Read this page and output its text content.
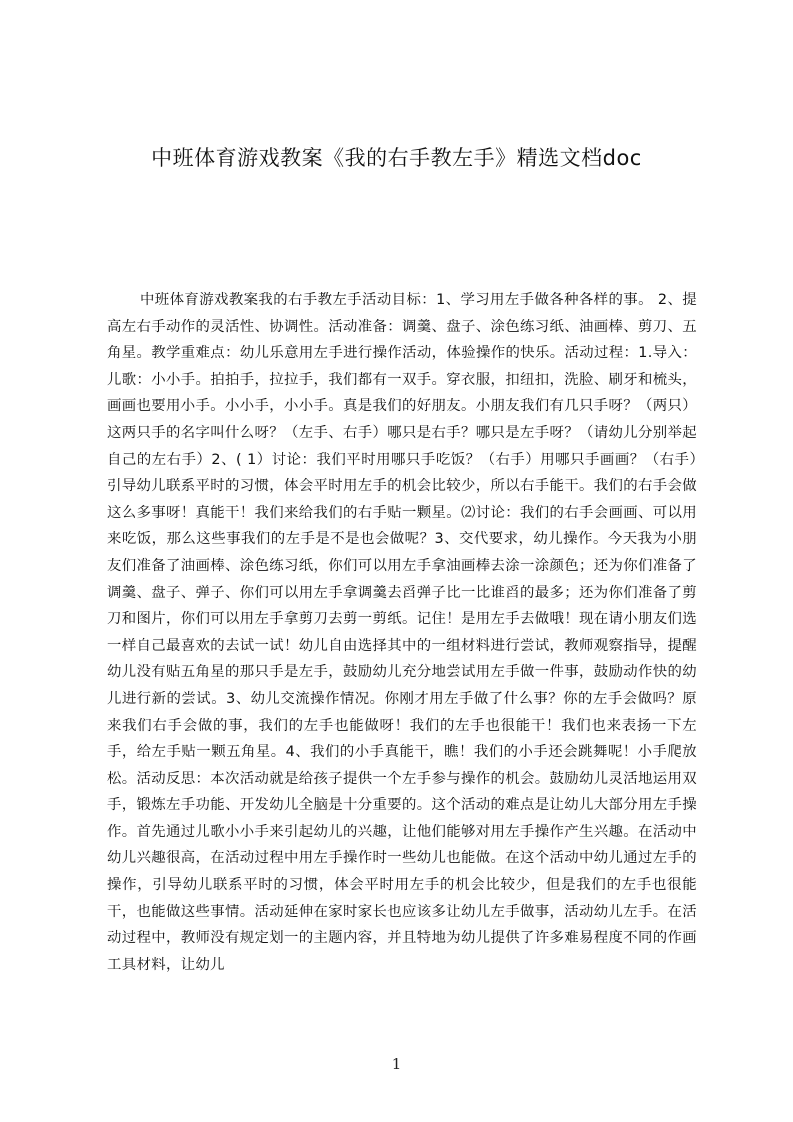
中班体育游戏教案《我的右手教左手》精选文档doc

中班体育游戏教案我的右手教左手活动目标：1、学习用左手做各种各样的事。 2、提高左右手动作的灵活性、协调性。活动准备：调羹、盘子、涂色练习纸、油画棒、剪刀、五角星。教学重难点：幼儿乐意用左手进行操作活动，体验操作的快乐。活动过程：1.导入：儿歌：小小手。拍拍手，拉拉手，我们都有一双手。穿衣服，扣纽扣，洗脸、刷牙和梳头，画画也要用小手。小小手，小小手。真是我们的好朋友。小朋友我们有几只手呀？（两只）这两只手的名字叫什么呀？（左手、右手）哪只是右手？哪只是左手呀？（请幼儿分别举起自己的左右手）2、( 1）讨论：我们平时用哪只手吃饭？（右手）用哪只手画画？（右手）引导幼儿联系平时的习惯，体会平时用左手的机会比较少，所以右手能干。我们的右手会做这么多事呀！真能干！我们来给我们的右手贴一颗星。⑵讨论：我们的右手会画画、可以用来吃饭，那么这些事我们的左手是不是也会做呢？3、交代要求，幼儿操作。今天我为小朋友们准备了油画棒、涂色练习纸，你们可以用左手拿油画棒去涂一涂颜色；还为你们准备了调羹、盘子、弹子、你们可以用左手拿调羹去舀弹子比一比谁舀的最多；还为你们准备了剪刀和图片，你们可以用左手拿剪刀去剪一剪纸。记住！是用左手去做哦！现在请小朋友们选一样自己最喜欢的去试一试！幼儿自由选择其中的一组材料进行尝试，教师观察指导，提醒幼儿没有贴五角星的那只手是左手，鼓励幼儿充分地尝试用左手做一件事，鼓励动作快的幼儿进行新的尝试。3、幼儿交流操作情况。你刚才用左手做了什么事？你的左手会做吗？原来我们右手会做的事，我们的左手也能做呀！我们的左手也很能干！我们也来表扬一下左手，给左手贴一颗五角星。4、我们的小手真能干，瞧！我们的小手还会跳舞呢！小手爬放松。活动反思：本次活动就是给孩子提供一个左手参与操作的机会。鼓励幼儿灵活地运用双手，锻炼左手功能、开发幼儿全脑是十分重要的。这个活动的难点是让幼儿大部分用左手操作。首先通过儿歌小小手来引起幼儿的兴趣，让他们能够对用左手操作产生兴趣。在活动中幼儿兴趣很高，在活动过程中用左手操作时一些幼儿也能做。在这个活动中幼儿通过左手的操作，引导幼儿联系平时的习惯，体会平时用左手的机会比较少，但是我们的左手也很能干，也能做这些事情。活动延伸在家时家长也应该多让幼儿左手做事，活动幼儿左手。在活动过程中，教师没有规定划一的主题内容，并且特地为幼儿提供了许多难易程度不同的作画工具材料，让幼儿

1
